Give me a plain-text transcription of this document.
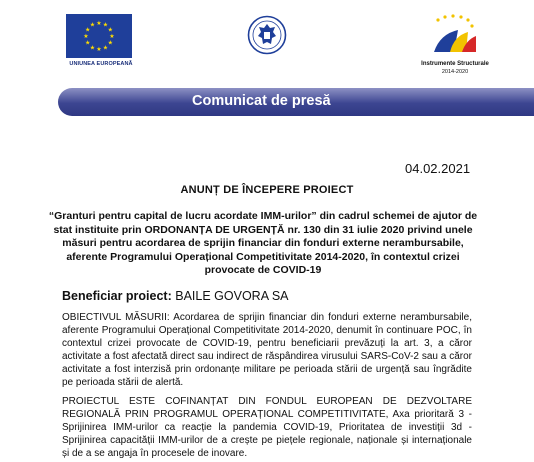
★ ★
★
★
★
★
★
★
★
★
★
★
UNIUNEA EUROPEANĂ	Instrumente Structurale
2014-2020
Comunicat de presă
04.02.2021
ANUNȚ DE ÎNCEPERE PROIECT
“Granturi pentru capital de lucru acordate IMM-urilor” din cadrul schemei de ajutor de stat instituite prin ORDONANȚA DE URGENȚĂ nr. 130 din 31 iulie 2020 privind unele măsuri pentru acordarea de sprijin financiar din fonduri externe nerambursabile, aferente Programului Operațional Competitivitate 2014-2020, în contextul crizei provocate de COVID-19
Beneficiar proiect: BAILE GOVORA SA
OBIECTIVUL MĂSURII: Acordarea de sprijin financiar din fonduri externe nerambursabile, aferente Programului Operațional Competitivitate 2014-2020, denumit în continuare POC, în contextul crizei provocate de COVID-19, pentru beneficiarii prevăzuți la art. 3, a căror activitate a fost afectată direct sau indirect de răspândirea virusului SARS-CoV-2 sau a căror activitate a fost interzisă prin ordonanțe militare pe perioada stării de urgență sau îngrădite pe perioada stării de alertă.
PROIECTUL ESTE COFINANȚAT DIN FONDUL EUROPEAN DE DEZVOLTARE REGIONALĂ PRIN PROGRAMUL OPERAȚIONAL COMPETITIVITATE, Axa prioritară 3 - Sprijinirea IMM-urilor ca reacție la pandemia COVID-19, Prioritatea de investiții 3d - Sprijinirea capacității IMM-urilor de a crește pe piețele regionale, naționale și internaționale și de a se angaja în procesele de inovare.
